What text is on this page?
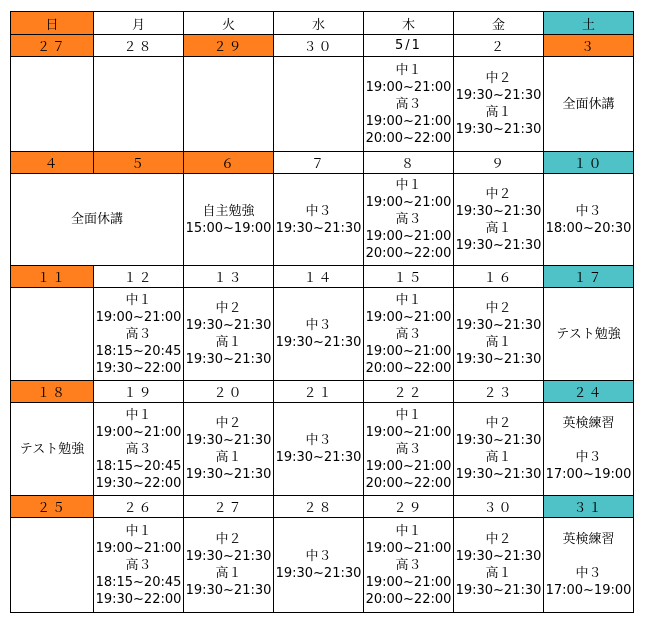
日	月	火	水	木	金	土
２７	２８	２９	３０	5/1	２	３

				中１
19:00~21:00
高３
19:00~21:00
20:00~22:00	中２
19:30~21:30
高１
19:30~21:30	全面休講

４	５	６	７	８	９	１０

全面休講		自主勉強
15:00~19:00	中３
19:30~21:30	中１
19:00~21:00
高３
19:00~21:00
20:00~22:00	中２
19:30~21:30
高１
19:30~21:30	中３
18:00~20:30

１１	１２	１３	１４	１５	１６	１７

	中１
19:00~21:00
高３
18:15~20:45
19:30~22:00	中２
19:30~21:30
高１
19:30~21:30	中３
19:30~21:30	中１
19:00~21:00
高３
19:00~21:00
20:00~22:00	中２
19:30~21:30
高１
19:30~21:30	テスト勉強

１８	１９	２０	２１	２２	２３	２４

テスト勉強	中１
19:00~21:00
高３
18:15~20:45
19:30~22:00	中２
19:30~21:30
高１
19:30~21:30	中３
19:30~21:30	中１
19:00~21:00
高３
19:00~21:00
20:00~22:00	中２
19:30~21:30
高１
19:30~21:30	英検練習
中３
17:00~19:00

２５	２６	２７	２８	２９	３０	３１

	中１
19:00~21:00
高３
18:15~20:45
19:30~22:00	中２
19:30~21:30
高１
19:30~21:30	中３
19:30~21:30	中１
19:00~21:00
高３
19:00~21:00
20:00~22:00	中２
19:30~21:30
高１
19:30~21:30	英検練習
中３
17:00~19:00
